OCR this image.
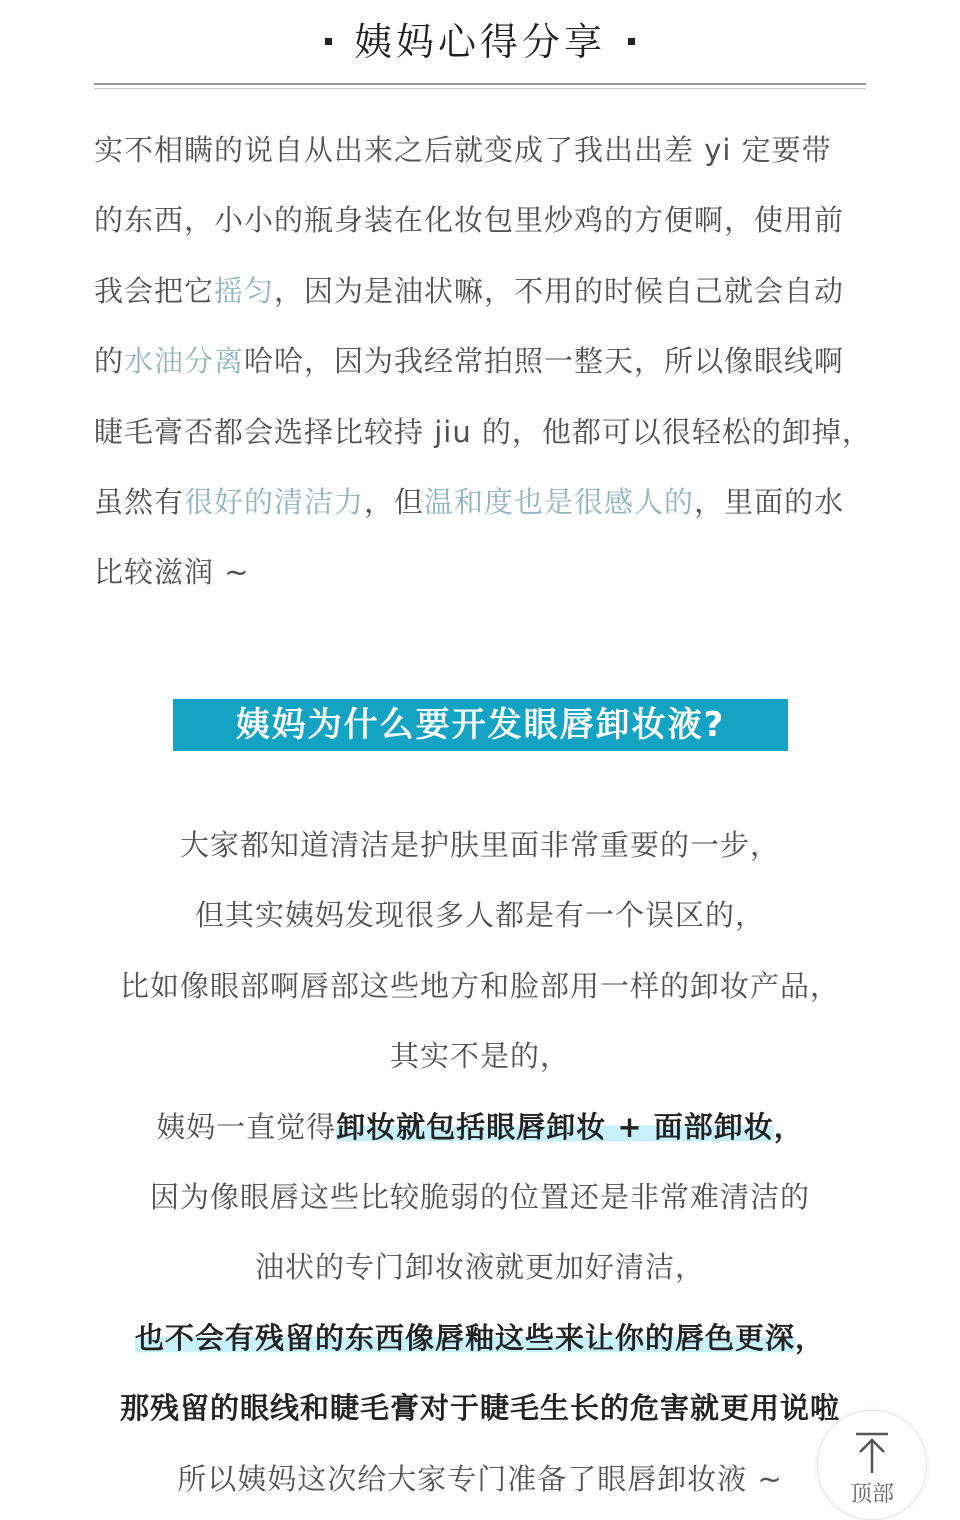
姨妈心得分享
实不相瞒的说自从出来之后就变成了我出出差 yi 定要带
的东西，小小的瓶身装在化妆包里炒鸡的方便啊，使用前
我会把它摇匀，因为是油状嘛，不用的时候自己就会自动
的水油分离哈哈，因为我经常拍照一整天，所以像眼线啊
睫毛膏否都会选择比较持 jiu 的，他都可以很轻松的卸掉，
虽然有很好的清洁力，但温和度也是很感人的，里面的水
比较滋润 ~
姨妈为什么要开发眼唇卸妆液?
大家都知道清洁是护肤里面非常重要的一步，
但其实姨妈发现很多人都是有一个误区的，
比如像眼部啊唇部这些地方和脸部用一样的卸妆产品，
其实不是的，
姨妈一直觉得卸妆就包括眼唇卸妆 + 面部卸妆，
因为像眼唇这些比较脆弱的位置还是非常难清洁的
油状的专门卸妆液就更加好清洁，
也不会有残留的东西像唇釉这些来让你的唇色更深，
那残留的眼线和睫毛膏对于睫毛生长的危害就更用说啦
所以姨妈这次给大家专门准备了眼唇卸妆液 ~	顶部
